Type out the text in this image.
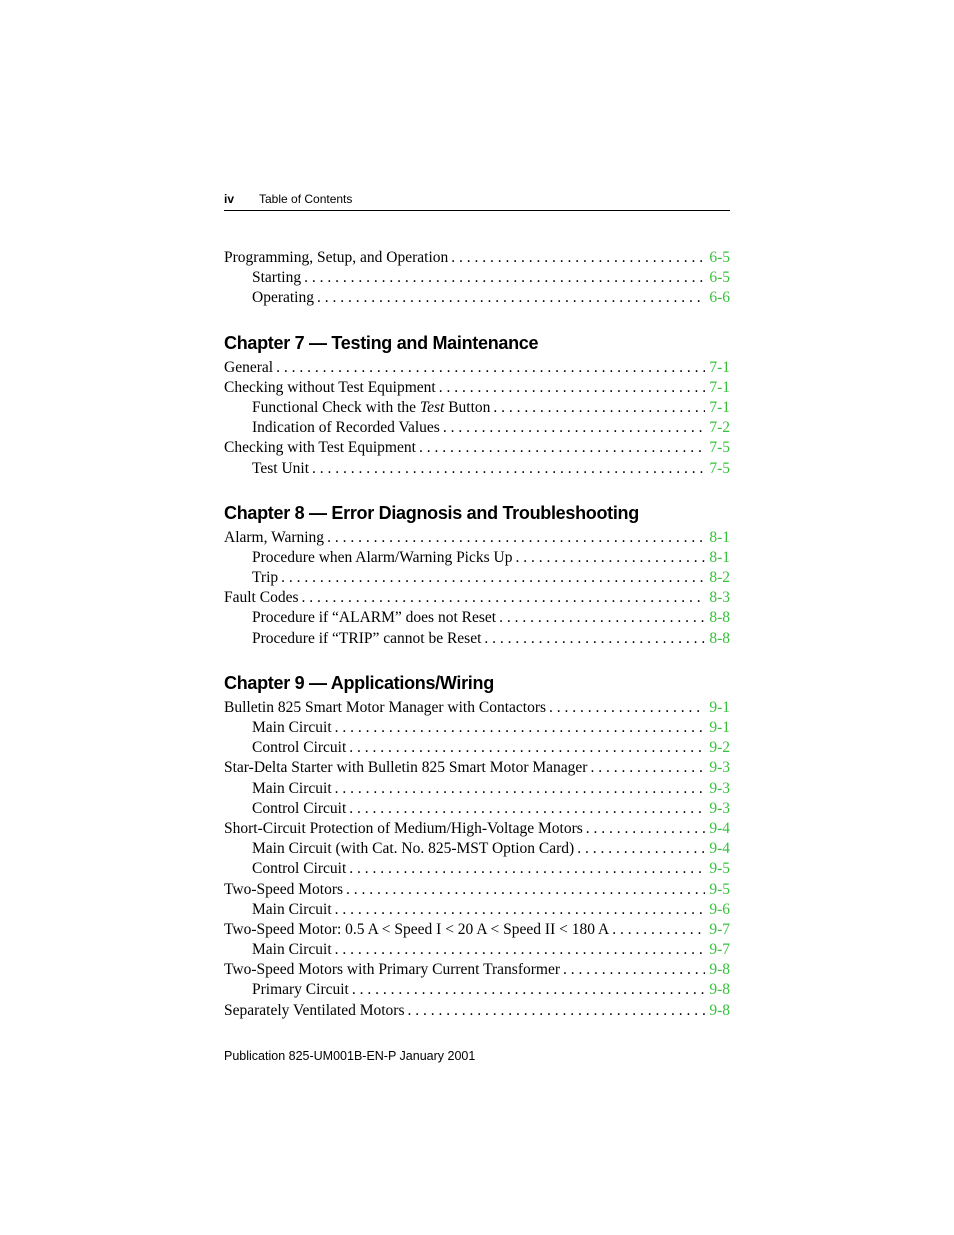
iv Table of Contents
Programming, Setup, and Operation . . .	6-5
Starting . . .	6-5
Operating . . .	6-6
Chapter 7 — Testing and Maintenance
General . . .	7-1
Checking without Test Equipment . . .	7-1
Functional Check with the Test Button . . .	7-1
Indication of Recorded Values . . .	7-2
Checking with Test Equipment . . .	7-5
Test Unit . . .	7-5
Chapter 8 — Error Diagnosis and Troubleshooting
Alarm, Warning . . .	8-1
Procedure when Alarm/Warning Picks Up . . .	8-1
Trip . . .	8-2
Fault Codes . . .	8-3
Procedure if “ALARM” does not Reset . . .	8-8
Procedure if “TRIP” cannot be Reset . . .	8-8
Chapter 9 — Applications/Wiring
Bulletin 825 Smart Motor Manager with Contactors . . .	9-1
Main Circuit . . .	9-1
Control Circuit . . .	9-2
Star-Delta Starter with Bulletin 825 Smart Motor Manager . . .	9-3
Main Circuit . . .	9-3
Control Circuit . . .	9-3
Short-Circuit Protection of Medium/High-Voltage Motors . . .	9-4
Main Circuit (with Cat. No. 825-MST Option Card) . . .	9-4
Control Circuit . . .	9-5
Two-Speed Motors . . .	9-5
Main Circuit . . .	9-6
Two-Speed Motor: 0.5 A < Speed I < 20 A < Speed II < 180 A . . .	9-7
Main Circuit . . .	9-7
Two-Speed Motors with Primary Current Transformer . . .	9-8
Primary Circuit . . .	9-8
Separately Ventilated Motors . . .	9-8
Publication 825-UM001B-EN-P January 2001
